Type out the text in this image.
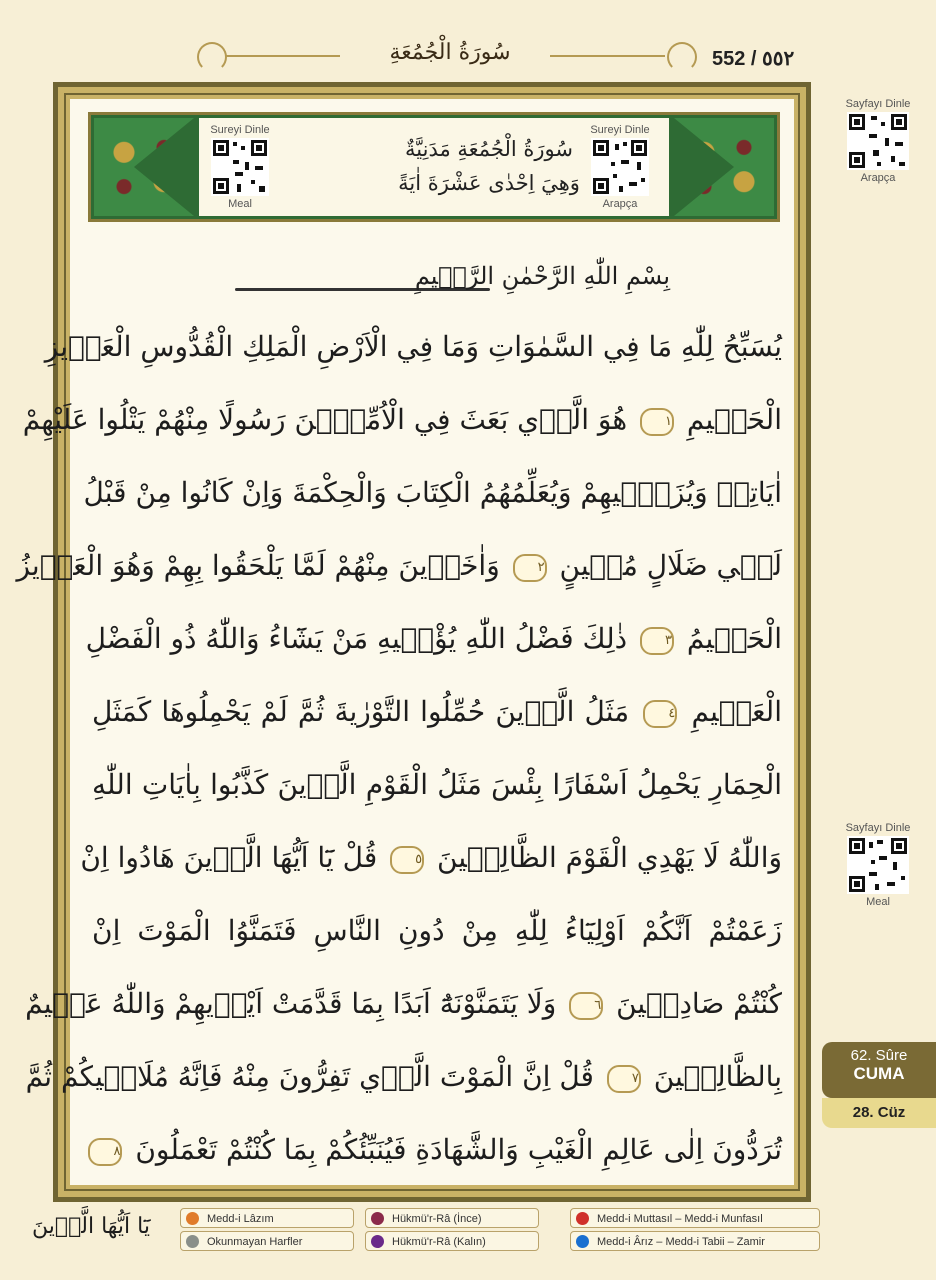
سُورَةُ الْجُمُعَةِ	552 / ٥٥٢
Sureyi Dinle
Meal
سُورَةُ الْجُمُعَةِ مَدَنِيَّةٌ
وَهِيَ اِحْدٰى عَشْرَةَ اٰيَةً
Sureyi Dinle
Arapça
بِسْمِ اللّٰهِ الرَّحْمٰنِ الرَّح۪يمِ
يُسَبِّحُ لِلّٰهِ مَا فِي السَّمٰوَاتِ وَمَا فِي الْاَرْضِ الْمَلِكِ الْقُدُّوسِ الْعَز۪يزِ
الْحَك۪يمِ ١ هُوَ الَّذ۪ي بَعَثَ فِي الْاُمِّيّ۪نَ رَسُولًا مِنْهُمْ يَتْلُوا عَلَيْهِمْ
اٰيَاتِه۪ وَيُزَكّ۪يهِمْ وَيُعَلِّمُهُمُ الْكِتَابَ وَالْحِكْمَةَ وَاِنْ كَانُوا مِنْ قَبْلُ
لَف۪ي ضَلَالٍ مُب۪ينٍ ٢ وَاٰخَر۪ينَ مِنْهُمْ لَمَّا يَلْحَقُوا بِهِمْ وَهُوَ الْعَز۪يزُ
الْحَك۪يمُ ٣ ذٰلِكَ فَضْلُ اللّٰهِ يُؤْت۪يهِ مَنْ يَشَٓاءُ وَاللّٰهُ ذُو الْفَضْلِ
الْعَظ۪يمِ ٤ مَثَلُ الَّذ۪ينَ حُمِّلُوا التَّوْرٰيةَ ثُمَّ لَمْ يَحْمِلُوهَا كَمَثَلِ
الْحِمَارِ يَحْمِلُ اَسْفَارًا بِئْسَ مَثَلُ الْقَوْمِ الَّذ۪ينَ كَذَّبُوا بِاٰيَاتِ اللّٰهِ
وَاللّٰهُ لَا يَهْدِي الْقَوْمَ الظَّالِم۪ينَ ٥ قُلْ يَٓا اَيُّهَا الَّذ۪ينَ هَادُوا اِنْ
زَعَمْتُمْ اَنَّكُمْ اَوْلِيَٓاءُ لِلّٰهِ مِنْ دُونِ النَّاسِ فَتَمَنَّوُا الْمَوْتَ اِنْ
كُنْتُمْ صَادِق۪ينَ ٦ وَلَا يَتَمَنَّوْنَهُٓ اَبَدًا بِمَا قَدَّمَتْ اَيْد۪يهِمْ وَاللّٰهُ عَل۪يمٌ
بِالظَّالِم۪ينَ ٧ قُلْ اِنَّ الْمَوْتَ الَّذ۪ي تَفِرُّونَ مِنْهُ فَاِنَّهُ مُلَاق۪يكُمْ ثُمَّ
تُرَدُّونَ اِلٰى عَالِمِ الْغَيْبِ وَالشَّهَادَةِ فَيُنَبِّئُكُمْ بِمَا كُنْتُمْ تَعْمَلُونَ ٨
Sayfayı Dinle
Arapça
Sayfayı Dinle
Meal
62. Sûre
CUMA
28. Cüz
يَٓا اَيُّهَا الَّذ۪ينَ	Medd-i Lâzım	Hükmü'r-Râ (İnce)	Medd-i Muttasıl – Medd-i Munfasıl
Okunmayan Harfler	Hükmü'r-Râ (Kalın)	Medd-i Ârız – Medd-i Tabii – Zamir
